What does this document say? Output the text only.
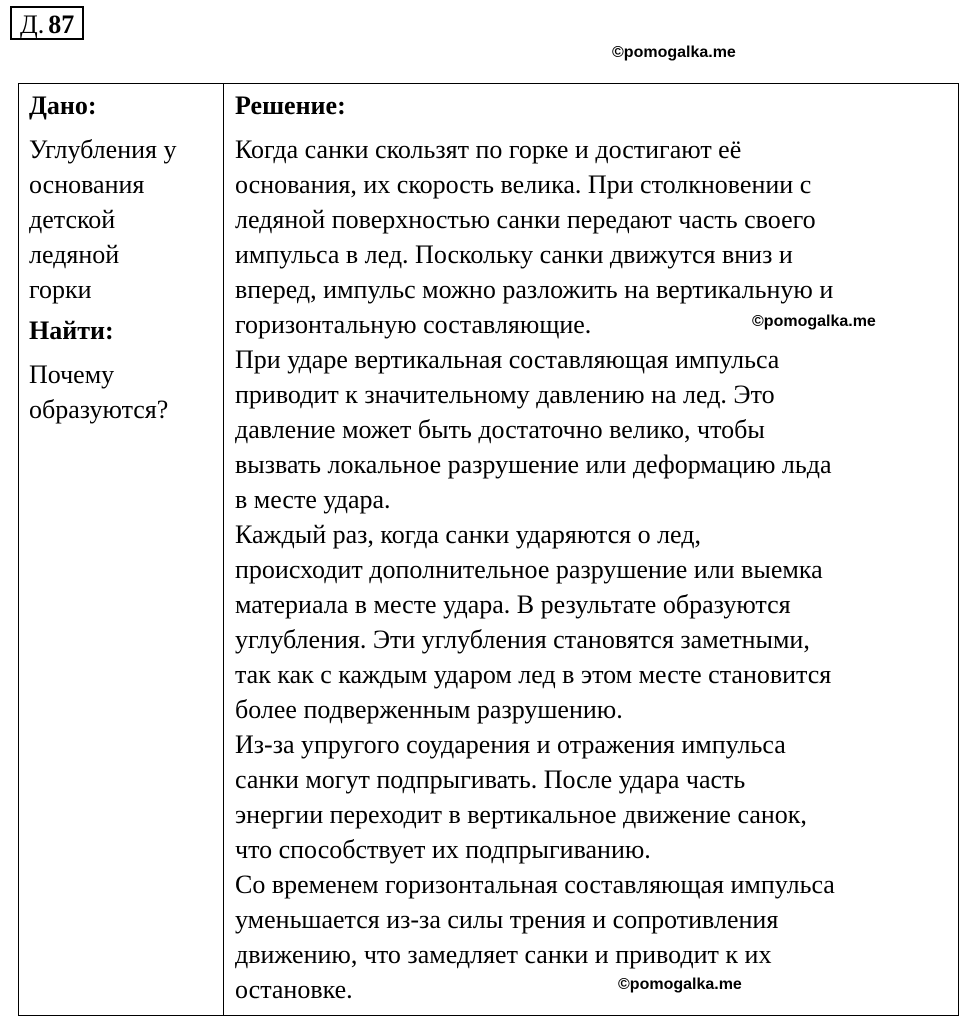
Д. 87
©pomogalka.me
Дано:
Углубления у
основания
детской
ледяной
горки
Найти:
Почему
образуются?
Решение:
Когда санки скользят по горке и достигают её
основания, их скорость велика. При столкновении с
ледяной поверхностью санки передают часть своего
импульса в лед. Поскольку санки движутся вниз и
вперед, импульс можно разложить на вертикальную и
горизонтальную составляющие.
При ударе вертикальная составляющая импульса
приводит к значительному давлению на лед. Это
давление может быть достаточно велико, чтобы
вызвать локальное разрушение или деформацию льда
в месте удара.
Каждый раз, когда санки ударяются о лед,
происходит дополнительное разрушение или выемка
материала в месте удара. В результате образуются
углубления. Эти углубления становятся заметными,
так как с каждым ударом лед в этом месте становится
более подверженным разрушению.
Из-за упругого соударения и отражения импульса
санки могут подпрыгивать. После удара часть
энергии переходит в вертикальное движение санок,
что способствует их подпрыгиванию.
Со временем горизонтальная составляющая импульса
уменьшается из-за силы трения и сопротивления
движению, что замедляет санки и приводит к их
остановке.
©pomogalka.me
©pomogalka.me
